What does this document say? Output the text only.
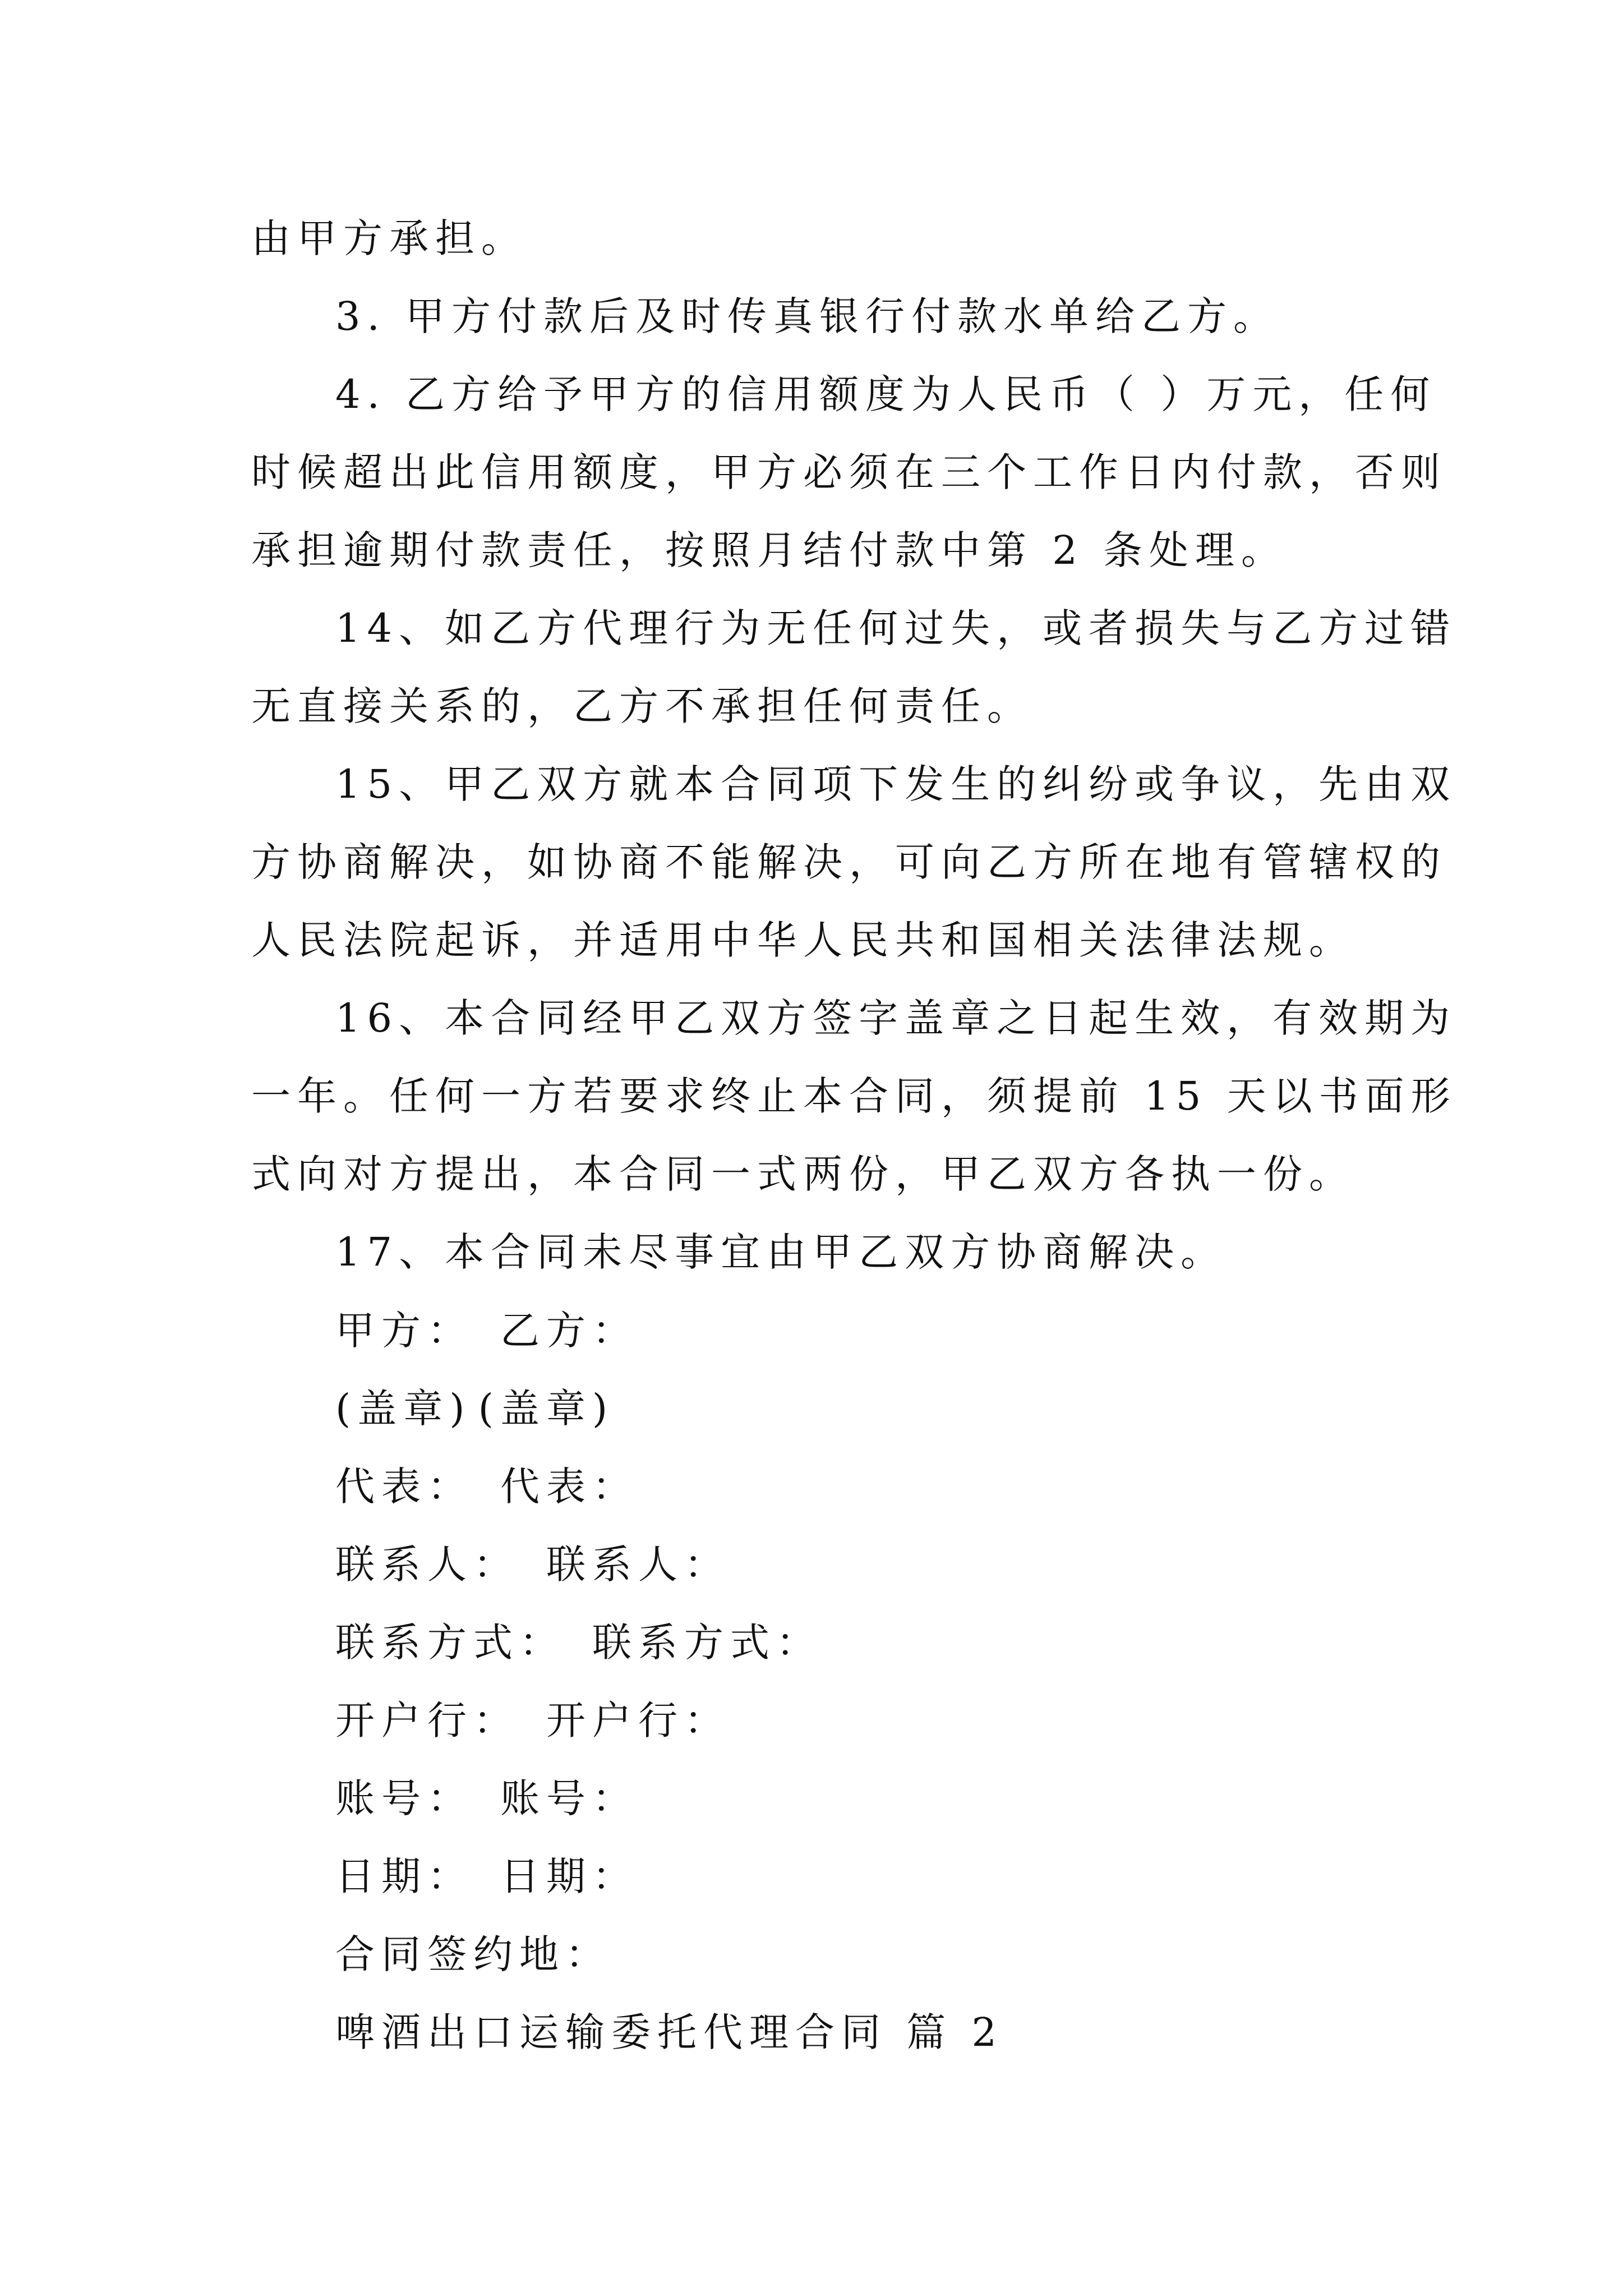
由甲方承担。
3. 甲方付款后及时传真银行付款水单给乙方。
4. 乙方给予甲方的信用额度为人民币（ ）万元，任何
时候超出此信用额度，甲方必须在三个工作日内付款，否则
承担逾期付款责任，按照月结付款中第 2 条处理。
14、如乙方代理行为无任何过失，或者损失与乙方过错
无直接关系的，乙方不承担任何责任。
15、甲乙双方就本合同项下发生的纠纷或争议，先由双
方协商解决，如协商不能解决，可向乙方所在地有管辖权的
人民法院起诉，并适用中华人民共和国相关法律法规。
16、本合同经甲乙双方签字盖章之日起生效，有效期为
一年。任何一方若要求终止本合同，须提前 15 天以书面形
式向对方提出，本合同一式两份，甲乙双方各执一份。
17、本合同未尽事宜由甲乙双方协商解决。
甲方： 乙方：
(盖章) (盖章)
代表： 代表：
联系人： 联系人：
联系方式： 联系方式：
开户行： 开户行：
账号： 账号：
日期： 日期：
合同签约地：
啤酒出口运输委托代理合同 篇 2
